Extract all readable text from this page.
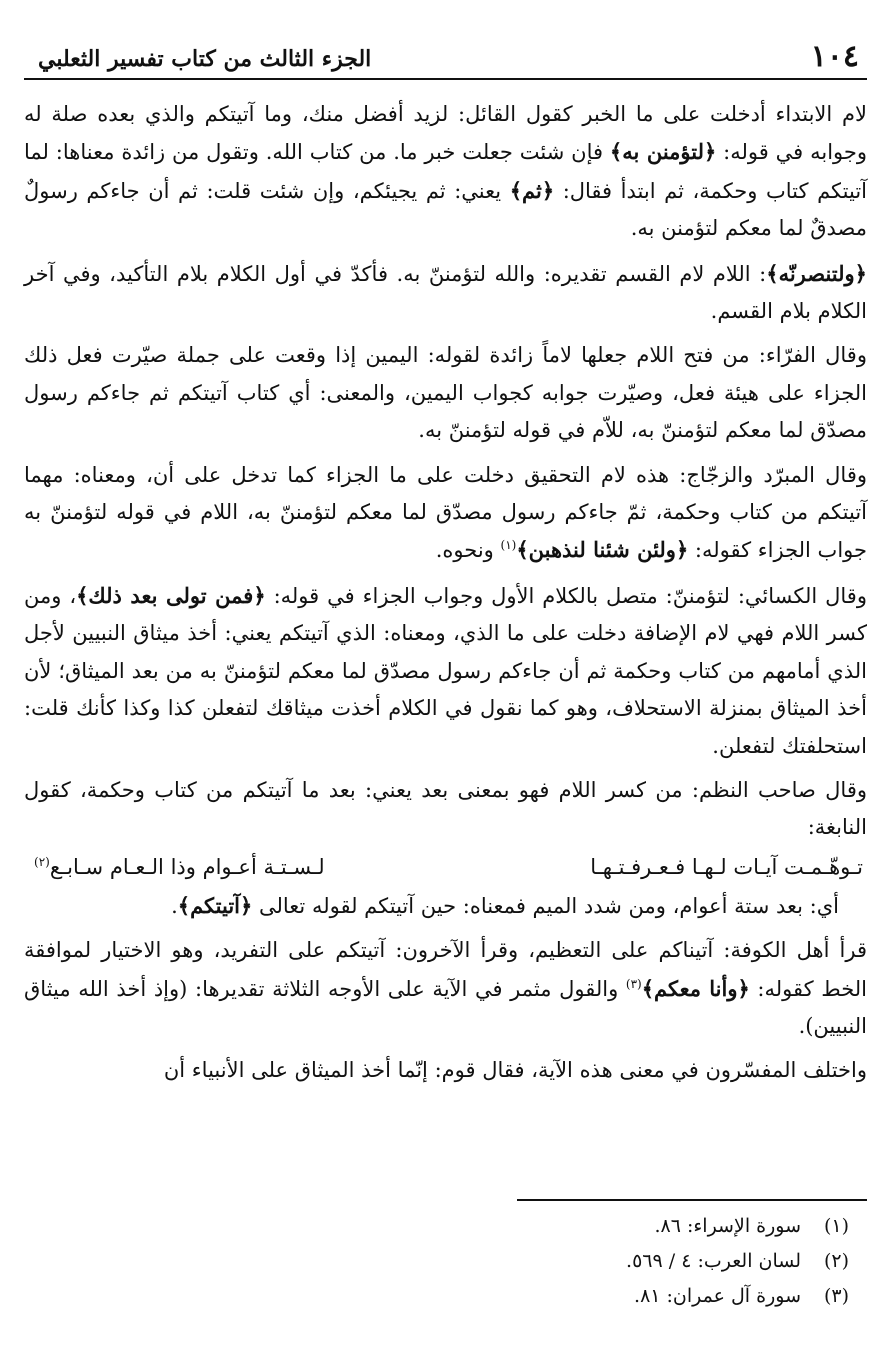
١٠٤
الجزء الثالث من كتاب تفسير الثعلبي

لام الابتداء أدخلت على ما الخبر كقول القائل: لزيد أفضل منك، وما آتيتكم والذي بعده صلة له وجوابه في قوله: ﴿لتؤمنن به﴾ فإن شئت جعلت خبر ما. من كتاب الله. وتقول من زائدة معناها: لما آتيتكم كتاب وحكمة، ثم ابتدأ فقال: ﴿ثم﴾ يعني: ثم يجيئكم، وإن شئت قلت: ثم أن جاءكم رسولٌ مصدقٌ لما معكم لتؤمنن به.

﴿ولتنصرنّه﴾: اللام لام القسم تقديره: والله لتؤمننّ به. فأكدّ في أول الكلام بلام التأكيد، وفي آخر الكلام بلام القسم.

وقال الفرّاء: من فتح اللام جعلها لاماً زائدة لقوله: اليمين إذا وقعت على جملة صيّرت فعل ذلك الجزاء على هيئة فعل، وصيّرت جوابه كجواب اليمين، والمعنى: أي كتاب آتيتكم ثم جاءكم رسول مصدّق لما معكم لتؤمننّ به، للاّم في قوله لتؤمننّ به.

وقال المبرّد والزجّاج: هذه لام التحقيق دخلت على ما الجزاء كما تدخل على أن، ومعناه: مهما آتيتكم من كتاب وحكمة، ثمّ جاءكم رسول مصدّق لما معكم لتؤمننّ به، اللام في قوله لتؤمننّ به جواب الجزاء كقوله: ﴿ولئن شئنا لنذهبن﴾$^{(١)}$ ونحوه.

وقال الكسائي: لتؤمننّ: متصل بالكلام الأول وجواب الجزاء في قوله: ﴿فمن تولى بعد ذلك﴾، ومن كسر اللام فهي لام الإضافة دخلت على ما الذي، ومعناه: الذي آتيتكم يعني: أخذ ميثاق النبيين لأجل الذي أمامهم من كتاب وحكمة ثم أن جاءكم رسول مصدّق لما معكم لتؤمننّ به من بعد الميثاق؛ لأن أخذ الميثاق بمنزلة الاستحلاف، وهو كما نقول في الكلام أخذت ميثاقك لتفعلن كذا وكذا كأنك قلت: استحلفتك لتفعلن.

وقال صاحب النظم: من كسر اللام فهو بمعنى بعد يعني: بعد ما آتيتكم من كتاب وحكمة، كقول النابغة:

تـوهّـمـت آيـات لـهـا فـعـرفـتـهـا
لـسـتـة أعـوام وذا الـعـام سـابـع$^{(٢)}$

أي: بعد ستة أعوام، ومن شدد الميم فمعناه: حين آتيتكم لقوله تعالى ﴿آتيتكم﴾.

قرأ أهل الكوفة: آتيناكم على التعظيم، وقرأ الآخرون: آتيتكم على التفريد، وهو الاختيار لموافقة الخط كقوله: ﴿وأنا معكم﴾$^{(٣)}$ والقول مثمر في الآية على الأوجه الثلاثة تقديرها: (وإذ أخذ الله ميثاق النبيين).

واختلف المفسّرون في معنى هذه الآية، فقال قوم: إنّما أخذ الميثاق على الأنبياء أن

(١)سورة الإسراء: ٨٦.

(٢)لسان العرب: ٤ / ٥٦٩.

(٣)سورة آل عمران: ٨١.
